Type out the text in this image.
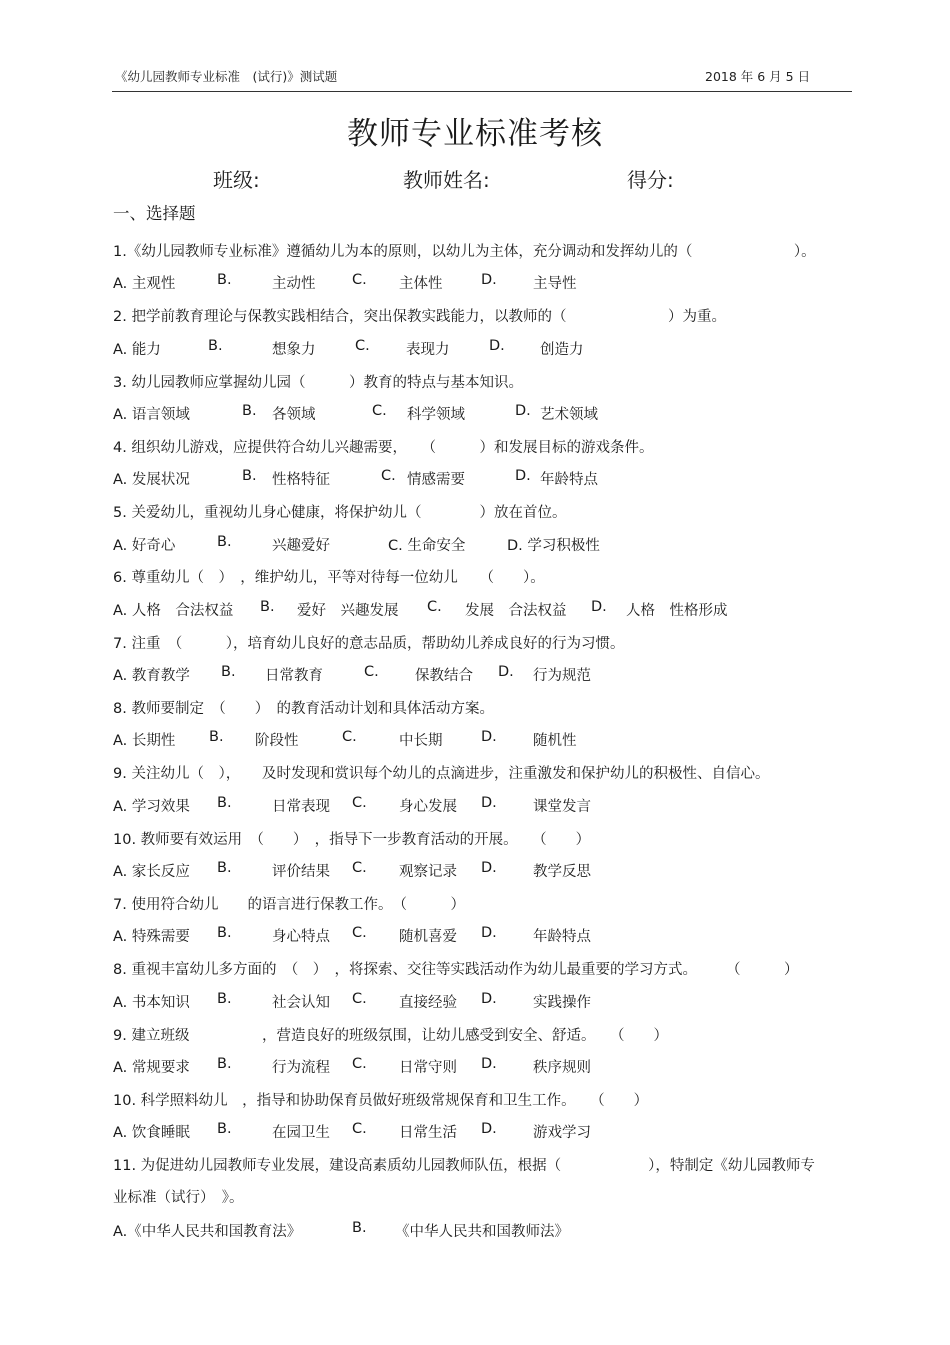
《幼儿园教师专业标准　(试行)》测试题	2018 年 6 月 5 日
教师专业标准考核
班级:	教师姓名:	得分:
一、选择题
1.《幼儿园教师专业标准》遵循幼儿为本的原则，以幼儿为主体，充分调动和发挥幼儿的（　　　　　　　）。
A. 主观性	B.	主动性	C. 主体性	D. 主导性
2. 把学前教育理论与保教实践相结合，突出保教实践能力，以教师的（　　　　　　　）为重。
A. 能力	B.	想象力	C.	表现力	D. 创造力
3. 幼儿园教师应掌握幼儿园（　　　）教育的特点与基本知识。
A. 语言领域	B. 各领域	C. 科学领域	D. 艺术领域
4. 组织幼儿游戏，应提供符合幼儿兴趣需要，　　（　　　）和发展目标的游戏条件。
A. 发展状况	B. 性格特征	C. 情感需要	D. 年龄特点
5. 关爱幼儿，重视幼儿身心健康，将保护幼儿（　　　　）放在首位。
A. 好奇心	B.	兴趣爱好	C. 生命安全	D. 学习积极性
6. 尊重幼儿（　）　，维护幼儿，平等对待每一位幼儿　　（　　）。
A. 人格　合法权益 B. 爱好　兴趣发展 C. 发展　合法权益 D. 人格　性格形成
7. 注重　（　　　），培育幼儿良好的意志品质，帮助幼儿养成良好的行为习惯。
A. 教育教学 B. 日常教育	C.	保教结合 D. 行为规范
8. 教师要制定　（　　）　的教育活动计划和具体活动方案。
A. 长期性 B. 阶段性	C.	中长期	D. 随机性
9. 关注幼儿（　），　　及时发现和赏识每个幼儿的点滴进步，注重激发和保护幼儿的积极性、自信心。
A. 学习效果 B.	日常表现 C. 身心发展 D. 课堂发言
10. 教师要有效运用　（　　）　，指导下一步教育活动的开展。　　（　　）
A. 家长反应 B.	评价结果 C. 观察记录 D. 教学反思
7. 使用符合幼儿　　的语言进行保教工作。　（　　　）
A. 特殊需要 B.	身心特点 C. 随机喜爱 D. 年龄特点
8. 重视丰富幼儿多方面的　（　）　，将探索、交往等实践活动作为幼儿最重要的学习方式。　　　（　　　）
A. 书本知识 B.	社会认知 C. 直接经验 D. 实践操作
9. 建立班级　　　　　，营造良好的班级氛围，让幼儿感受到安全、舒适。　　（　　）
A. 常规要求 B.	行为流程 C. 日常守则 D. 秩序规则
10. 科学照料幼儿　，指导和协助保育员做好班级常规保育和卫生工作。　　（　　）
A. 饮食睡眠 B.	在园卫生 C. 日常生活 D. 游戏学习
11. 为促进幼儿园教师专业发展，建设高素质幼儿园教师队伍，根据（　　　　　　），特制定《幼儿园教师专
业标准（试行）　》。
A.《中华人民共和国教育法》	B. 《中华人民共和国教师法》
